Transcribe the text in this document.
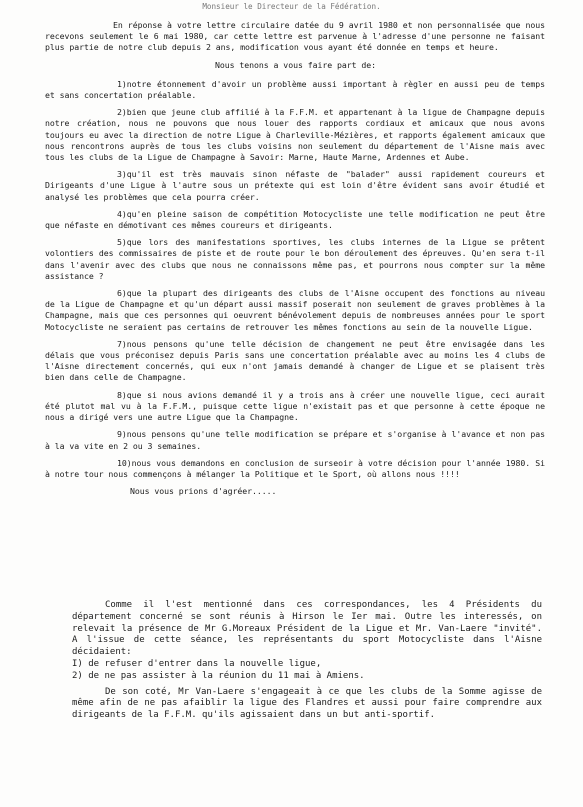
Monsieur le Directeur de la Fédération.

En réponse à votre lettre circulaire datée du 9 avril 1980 et non personnalisée que nous recevons seulement le 6 mai 1980, car cette lettre est parvenue à l'adresse d'une personne ne faisant plus partie de notre club depuis 2 ans, modification vous ayant été donnée en temps et heure.

Nous tenons a vous faire part de:

1)notre étonnement d'avoir un problème aussi important à règler en aussi peu de temps et sans concertation préalable.

2)bien que jeune club affilié à la F.F.M. et appartenant à la ligue de Champagne depuis notre création, nous ne pouvons que nous louer des rapports cordiaux et amicaux que nous avons toujours eu avec la direction de notre Ligue à Charleville-Mézières, et rapports également amicaux que nous rencontrons auprès de tous les clubs voisins non seulement du département de l'Aisne mais avec tous les clubs de la Ligue de Champagne à Savoir: Marne, Haute Marne, Ardennes et Aube.

3)qu'il est très mauvais sinon néfaste de "balader" aussi rapidement coureurs et Dirigeants d'une Ligue à l'autre sous un prétexte qui est loin d'être évident sans avoir étudié et analysé les problèmes que cela pourra créer.

4)qu'en pleine saison de compétition Motocycliste une telle modification ne peut être que néfaste en démotivant ces mêmes coureurs et dirigeants.

5)que lors des manifestations sportives, les clubs internes de la Ligue se prêtent volontiers des commissaires de piste et de route pour le bon déroulement des épreuves. Qu'en sera t-il dans l'avenir avec des clubs que nous ne connaissons même pas, et pourrons nous compter sur la même assistance ?

6)que la plupart des dirigeants des clubs de l'Aisne occupent des fonctions au niveau de la Ligue de Champagne et qu'un départ aussi massif poserait non seulement de graves problèmes à la Champagne, mais que ces personnes qui oeuvrent bénévolement depuis de nombreuses années pour le sport Motocycliste ne seraient pas certains de retrouver les mêmes fonctions au sein de la nouvelle Ligue.

7)nous pensons qu'une telle décision de changement ne peut être envisagée dans les délais que vous préconisez depuis Paris sans une concertation préalable avec au moins les 4 clubs de l'Aisne directement concernés, qui eux n'ont jamais demandé à changer de Ligue et se plaisent très bien dans celle de Champagne.

8)que si nous avions demandé il y a trois ans à créer une nouvelle ligue, ceci aurait été plutot mal vu à la F.F.M., puisque cette ligue n'existait pas et que personne à cette époque ne nous a dirigé vers une autre Ligue que la Champagne.

9)nous pensons qu'une telle modification se prépare et s'organise à l'avance et non pas à la va vite en 2 ou 3 semaines.

10)nous vous demandons en conclusion de surseoir à votre décision pour l'année 1980. Si à notre tour nous commençons à mélanger la Politique et le Sport, où allons nous !!!!

Nous vous prions d'agréer.....

Comme il l'est mentionné dans ces correspondances, les 4 Présidents du département concerné se sont réunis à Hirson le Ier mai. Outre les interessés, on relevait la présence de Mr G.Moreaux Président de la Ligue et Mr. Van-Laere "invité". A l'issue de cette séance, les représentants du sport Motocycliste dans l'Aisne décidaient:

I) de refuser d'entrer dans la nouvelle ligue,

2) de ne pas assister à la réunion du 11 mai à Amiens.

De son coté, Mr Van-Laere s'engageait à ce que les clubs de la Somme agisse de même afin de ne pas afaiblir la ligue des Flandres et aussi pour faire comprendre aux dirigeants de la F.F.M. qu'ils agissaient dans un but anti-sportif.
